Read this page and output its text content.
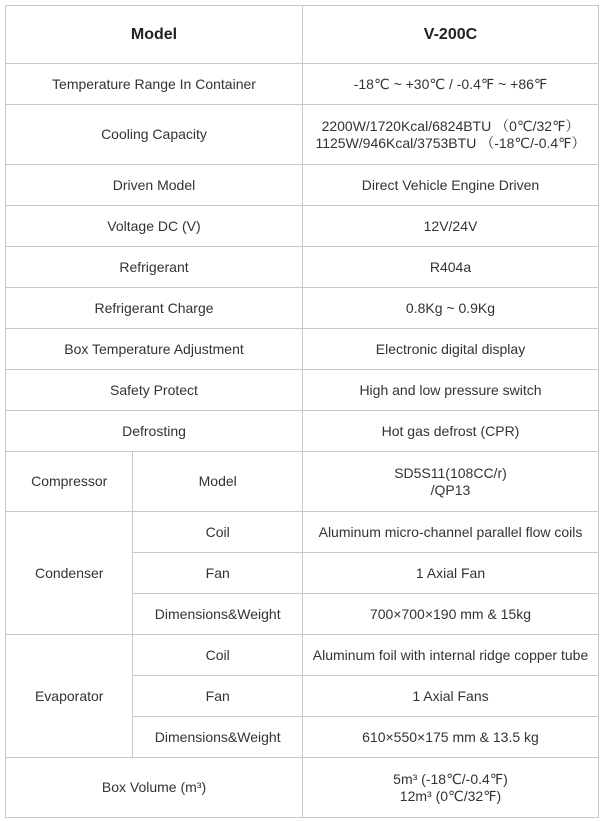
Model		V-200C
Temperature Range In Container		-18℃ ~ +30℃ / -0.4℉ ~ +86℉
Cooling Capacity		2200W/1720Kcal/6824BTU （0℃/32℉）
1125W/946Kcal/3753BTU （-18℃/-0.4℉）

Driven Model		Direct Vehicle Engine Driven
Voltage DC (V)		12V/24V
Refrigerant		R404a
Refrigerant Charge		0.8Kg ~ 0.9Kg
Box Temperature Adjustment		Electronic digital display
Safety Protect		High and low pressure switch
Defrosting		Hot gas defrost (CPR)
Compressor	Model	SD5S11(108CC/r)
/QP13

Condenser	Coil	Aluminum micro-channel parallel flow coils
	Fan	1 Axial Fan
	Dimensions&Weight	700×700×190 mm & 15kg
Evaporator	Coil	Aluminum foil with internal ridge copper tube
	Fan	1 Axial Fans
	Dimensions&Weight	610×550×175 mm & 13.5 kg
Box Volume (m³)		5m³ (-18℃/-0.4℉)
12m³ (0℃/32℉)
